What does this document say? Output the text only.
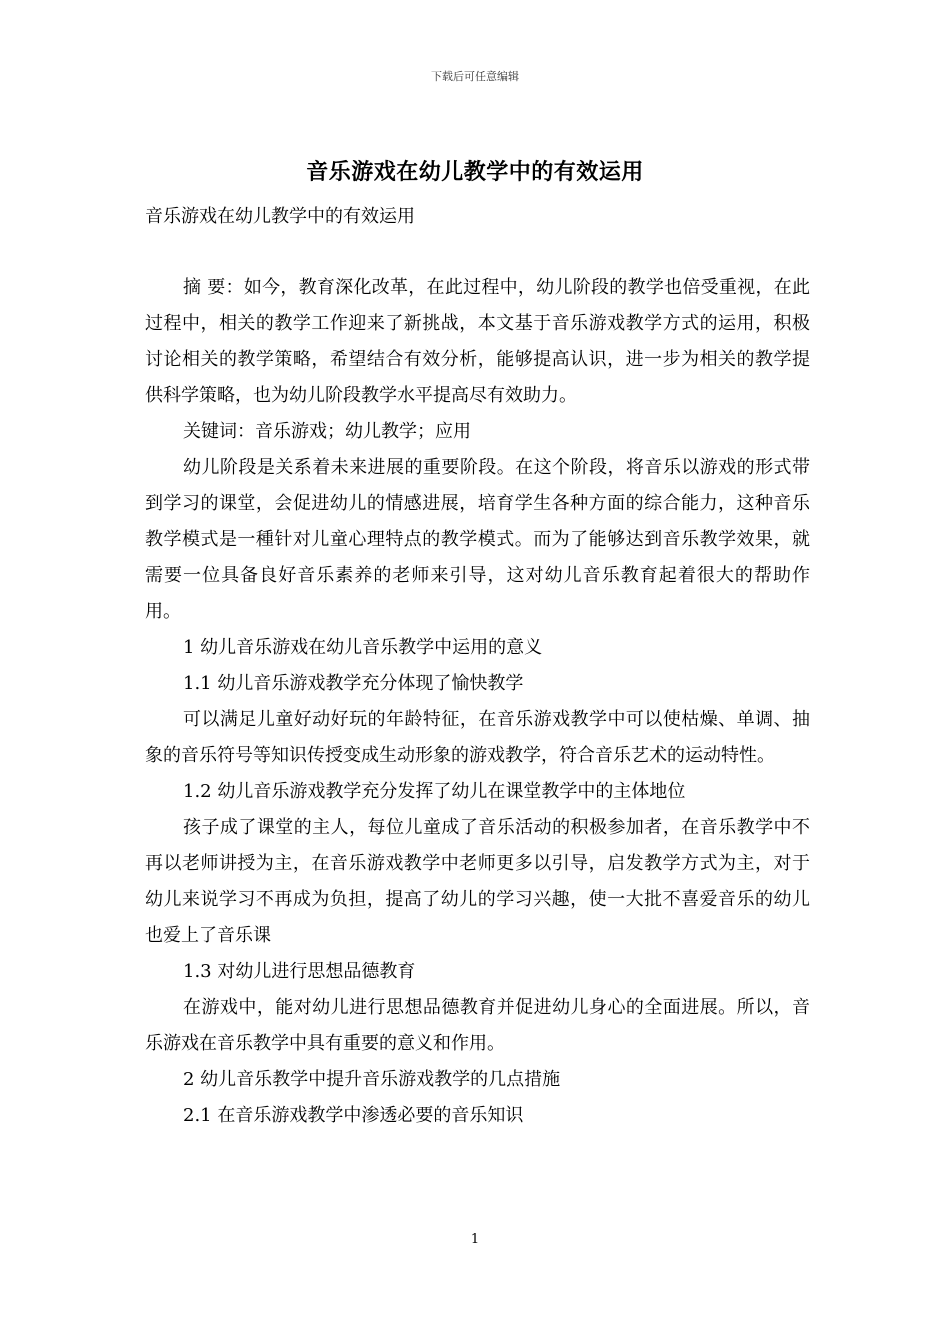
下载后可任意编辑
音乐游戏在幼儿教学中的有效运用
音乐游戏在幼儿教学中的有效运用

摘 要：如今，教育深化改革，在此过程中，幼儿阶段的教学也倍受重视，在此过程中，相关的教学工作迎来了新挑战，本文基于音乐游戏教学方式的运用，积极讨论相关的教学策略，希望结合有效分析，能够提高认识，进一步为相关的教学提供科学策略，也为幼儿阶段教学水平提高尽有效助力。

关键词：音乐游戏；幼儿教学；应用

幼儿阶段是关系着未来进展的重要阶段。在这个阶段，将音乐以游戏的形式带到学习的课堂，会促进幼儿的情感进展，培育学生各种方面的综合能力，这种音乐教学模式是一種针对儿童心理特点的教学模式。而为了能够达到音乐教学效果，就需要一位具备良好音乐素养的老师来引导，这对幼儿音乐教育起着很大的帮助作用。

1 幼儿音乐游戏在幼儿音乐教学中运用的意义

1.1 幼儿音乐游戏教学充分体现了愉快教学

可以满足儿童好动好玩的年龄特征，在音乐游戏教学中可以使枯燥、单调、抽象的音乐符号等知识传授变成生动形象的游戏教学，符合音乐艺术的运动特性。

1.2 幼儿音乐游戏教学充分发挥了幼儿在课堂教学中的主体地位

孩子成了课堂的主人，每位儿童成了音乐活动的积极参加者，在音乐教学中不再以老师讲授为主，在音乐游戏教学中老师更多以引导，启发教学方式为主，对于幼儿来说学习不再成为负担，提高了幼儿的学习兴趣，使一大批不喜爱音乐的幼儿也爱上了音乐课

1.3 对幼儿进行思想品德教育

在游戏中，能对幼儿进行思想品德教育并促进幼儿身心的全面进展。所以，音乐游戏在音乐教学中具有重要的意义和作用。

2 幼儿音乐教学中提升音乐游戏教学的几点措施

2.1 在音乐游戏教学中渗透必要的音乐知识

1
